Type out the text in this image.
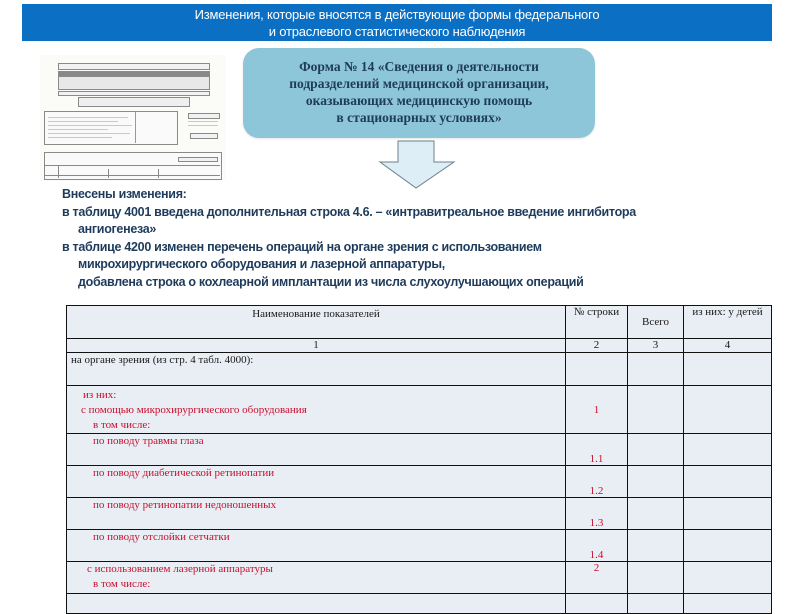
Изменения, которые вносятся в действующие формы федерального
и отраслевого статистического наблюдения
Форма № 14 «Сведения о деятельности
подразделений медицинской организации,
оказывающих медицинскую помощь
в стационарных условиях»
Внесены изменения:
в таблицу 4001 введена дополнительная строка 4.6. – «интравитреальное введение ингибитора
ангиогенеза»
в таблице 4200 изменен перечень операций на органе зрения с использованием
микрохирургического оборудования и лазерной аппаратуры,
добавлена строка о кохлеарной имплантации из числа слухоулучшающих операций
Наименование показателей	№ строки	Всего	из них: у детей
1	2	3	4
на органе зрения (из стр. 4 табл. 4000):			

из них:
с помощью микрохирургического оборудования
в том числе:	1		

по поводу травмы глаза	1.1		

по поводу диабетической ретинопатии	1.2		

по поводу ретинопатии недоношенных	1.3		

по поводу отслойки сетчатки	1.4		

с использованием лазерной аппаратуры
в том числе:	2		
